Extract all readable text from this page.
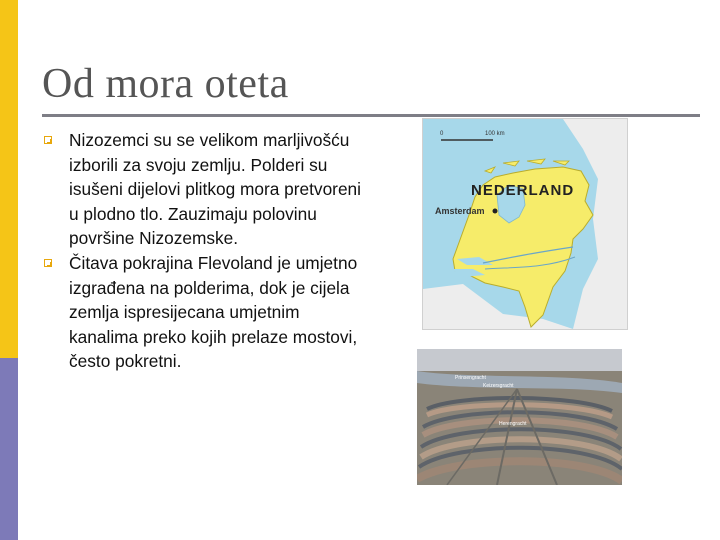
Od mora oteta
Nizozemci su se velikom marljivošću izborili za svoju zemlju. Polderi su isušeni dijelovi plitkog mora pretvoreni u plodno tlo. Zauzimaju polovinu površine Nizozemske.
Čitava pokrajina Flevoland je umjetno izgrađena na polderima, dok je cijela zemlja ispresijecana umjetnim kanalima preko kojih prelaze mostovi, često pokretni.
0	100 km
NEDERLAND
Amsterdam
Prinsengracht
Keizersgracht
Herengracht
